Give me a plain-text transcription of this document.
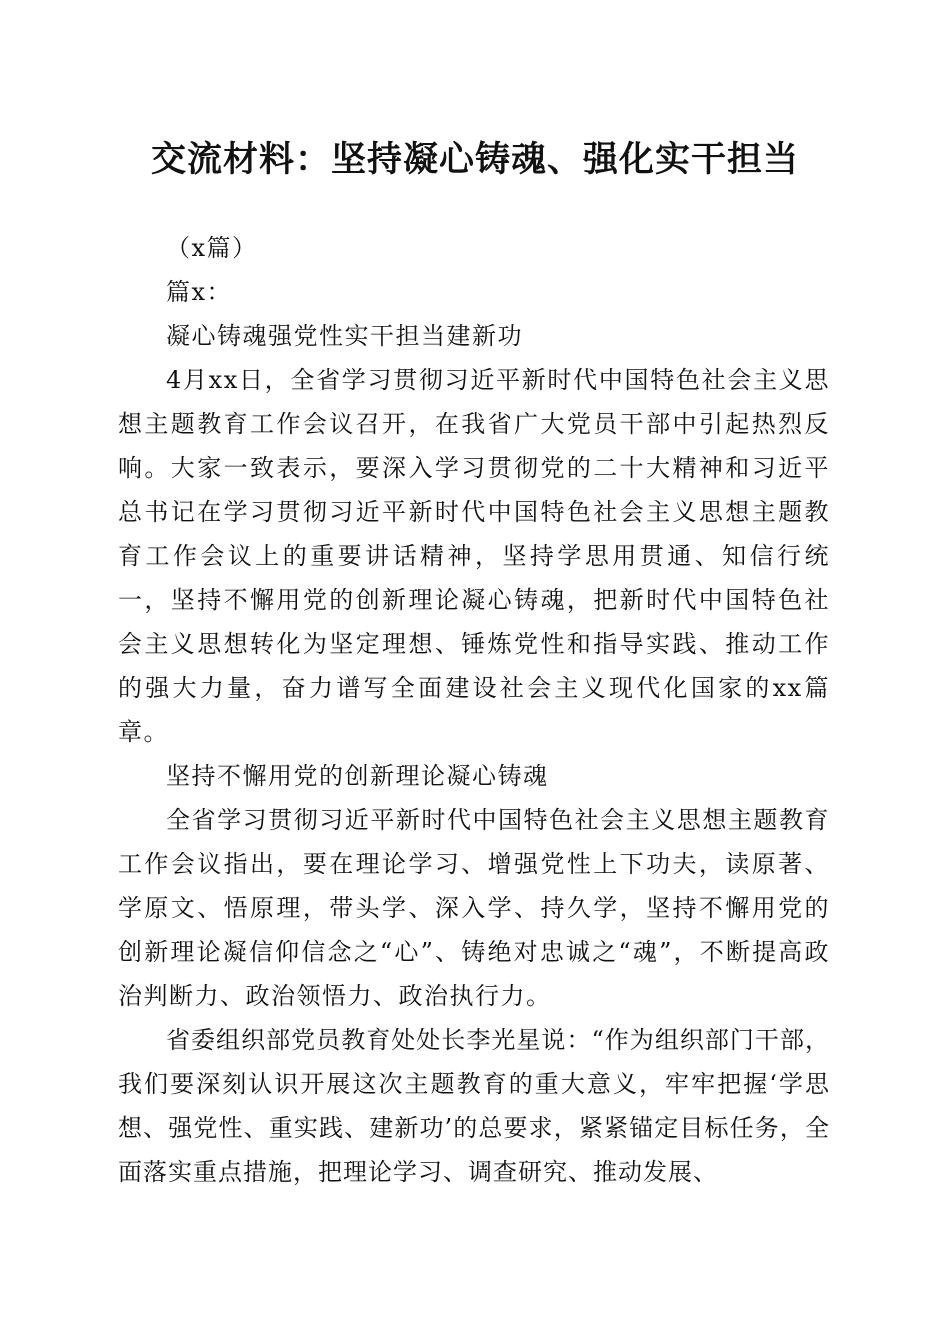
交流材料：坚持凝心铸魂、强化实干担当

（x篇）

篇x：

凝心铸魂强党性实干担当建新功

4月xx日，全省学习贯彻习近平新时代中国特色社会主义思想主题教育工作会议召开，在我省广大党员干部中引起热烈反响。大家一致表示，要深入学习贯彻党的二十大精神和习近平总书记在学习贯彻习近平新时代中国特色社会主义思想主题教育工作会议上的重要讲话精神，坚持学思用贯通、知信行统一，坚持不懈用党的创新理论凝心铸魂，把新时代中国特色社会主义思想转化为坚定理想、锤炼党性和指导实践、推动工作的强大力量，奋力谱写全面建设社会主义现代化国家的xx篇章。

坚持不懈用党的创新理论凝心铸魂

全省学习贯彻习近平新时代中国特色社会主义思想主题教育工作会议指出，要在理论学习、增强党性上下功夫，读原著、学原文、悟原理，带头学、深入学、持久学，坚持不懈用党的创新理论凝信仰信念之“心”、铸绝对忠诚之“魂”，不断提高政治判断力、政治领悟力、政治执行力。

省委组织部党员教育处处长李光星说：“作为组织部门干部，我们要深刻认识开展这次主题教育的重大意义，牢牢把握‘学思想、强党性、重实践、建新功’的总要求，紧紧锚定目标任务，全面落实重点措施，把理论学习、调查研究、推动发展、
